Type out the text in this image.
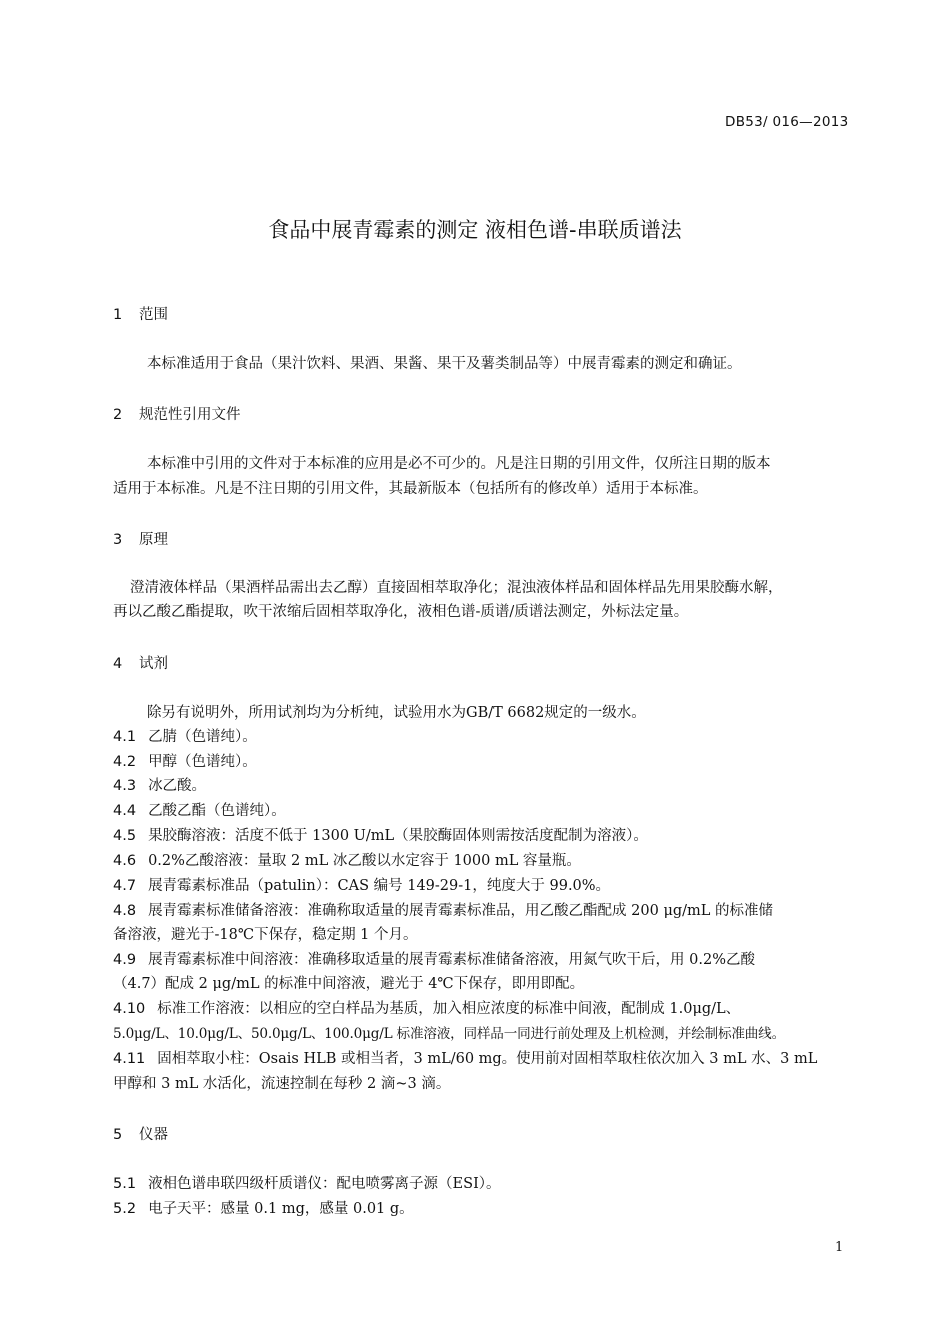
DB53/ 016—2013
食品中展青霉素的测定 液相色谱-串联质谱法
1 范围
本标准适用于食品（果汁饮料、果酒、果酱、果干及薯类制品等）中展青霉素的测定和确证。
2 规范性引用文件
本标准中引用的文件对于本标准的应用是必不可少的。凡是注日期的引用文件，仅所注日期的版本
适用于本标准。凡是不注日期的引用文件，其最新版本（包括所有的修改单）适用于本标准。
3 原理
澄清液体样品（果酒样品需出去乙醇）直接固相萃取净化；混浊液体样品和固体样品先用果胶酶水解，
再以乙酸乙酯提取，吹干浓缩后固相萃取净化，液相色谱-质谱/质谱法测定，外标法定量。
4 试剂
除另有说明外，所用试剂均为分析纯，试验用水为GB/T 6682规定的一级水。
4.1 乙腈（色谱纯）。
4.2 甲醇（色谱纯）。
4.3 冰乙酸。
4.4 乙酸乙酯（色谱纯）。
4.5 果胶酶溶液：活度不低于 1300 U/mL（果胶酶固体则需按活度配制为溶液）。
4.6 0.2%乙酸溶液：量取 2 mL 冰乙酸以水定容于 1000 mL 容量瓶。
4.7 展青霉素标准品（patulin）：CAS 编号 149-29-1，纯度大于 99.0%。
4.8 展青霉素标准储备溶液：准确称取适量的展青霉素标准品，用乙酸乙酯配成 200 μg/mL 的标准储
备溶液，避光于-18℃下保存，稳定期 1 个月。
4.9 展青霉素标准中间溶液：准确移取适量的展青霉素标准储备溶液，用氮气吹干后，用 0.2%乙酸
（4.7）配成 2 μg/mL 的标准中间溶液，避光于 4℃下保存，即用即配。
4.10 标准工作溶液：以相应的空白样品为基质，加入相应浓度的标准中间液，配制成 1.0μg/L、
5.0μg/L、10.0μg/L、50.0μg/L、100.0μg/L 标准溶液，同样品一同进行前处理及上机检测，并绘制标准曲线。
4.11 固相萃取小柱：Osais HLB 或相当者，3 mL/60 mg。使用前对固相萃取柱依次加入 3 mL 水、3 mL
甲醇和 3 mL 水活化，流速控制在每秒 2 滴~3 滴。
5 仪器
5.1 液相色谱串联四级杆质谱仪：配电喷雾离子源（ESI）。
5.2 电子天平：感量 0.1 mg，感量 0.01 g。
1
